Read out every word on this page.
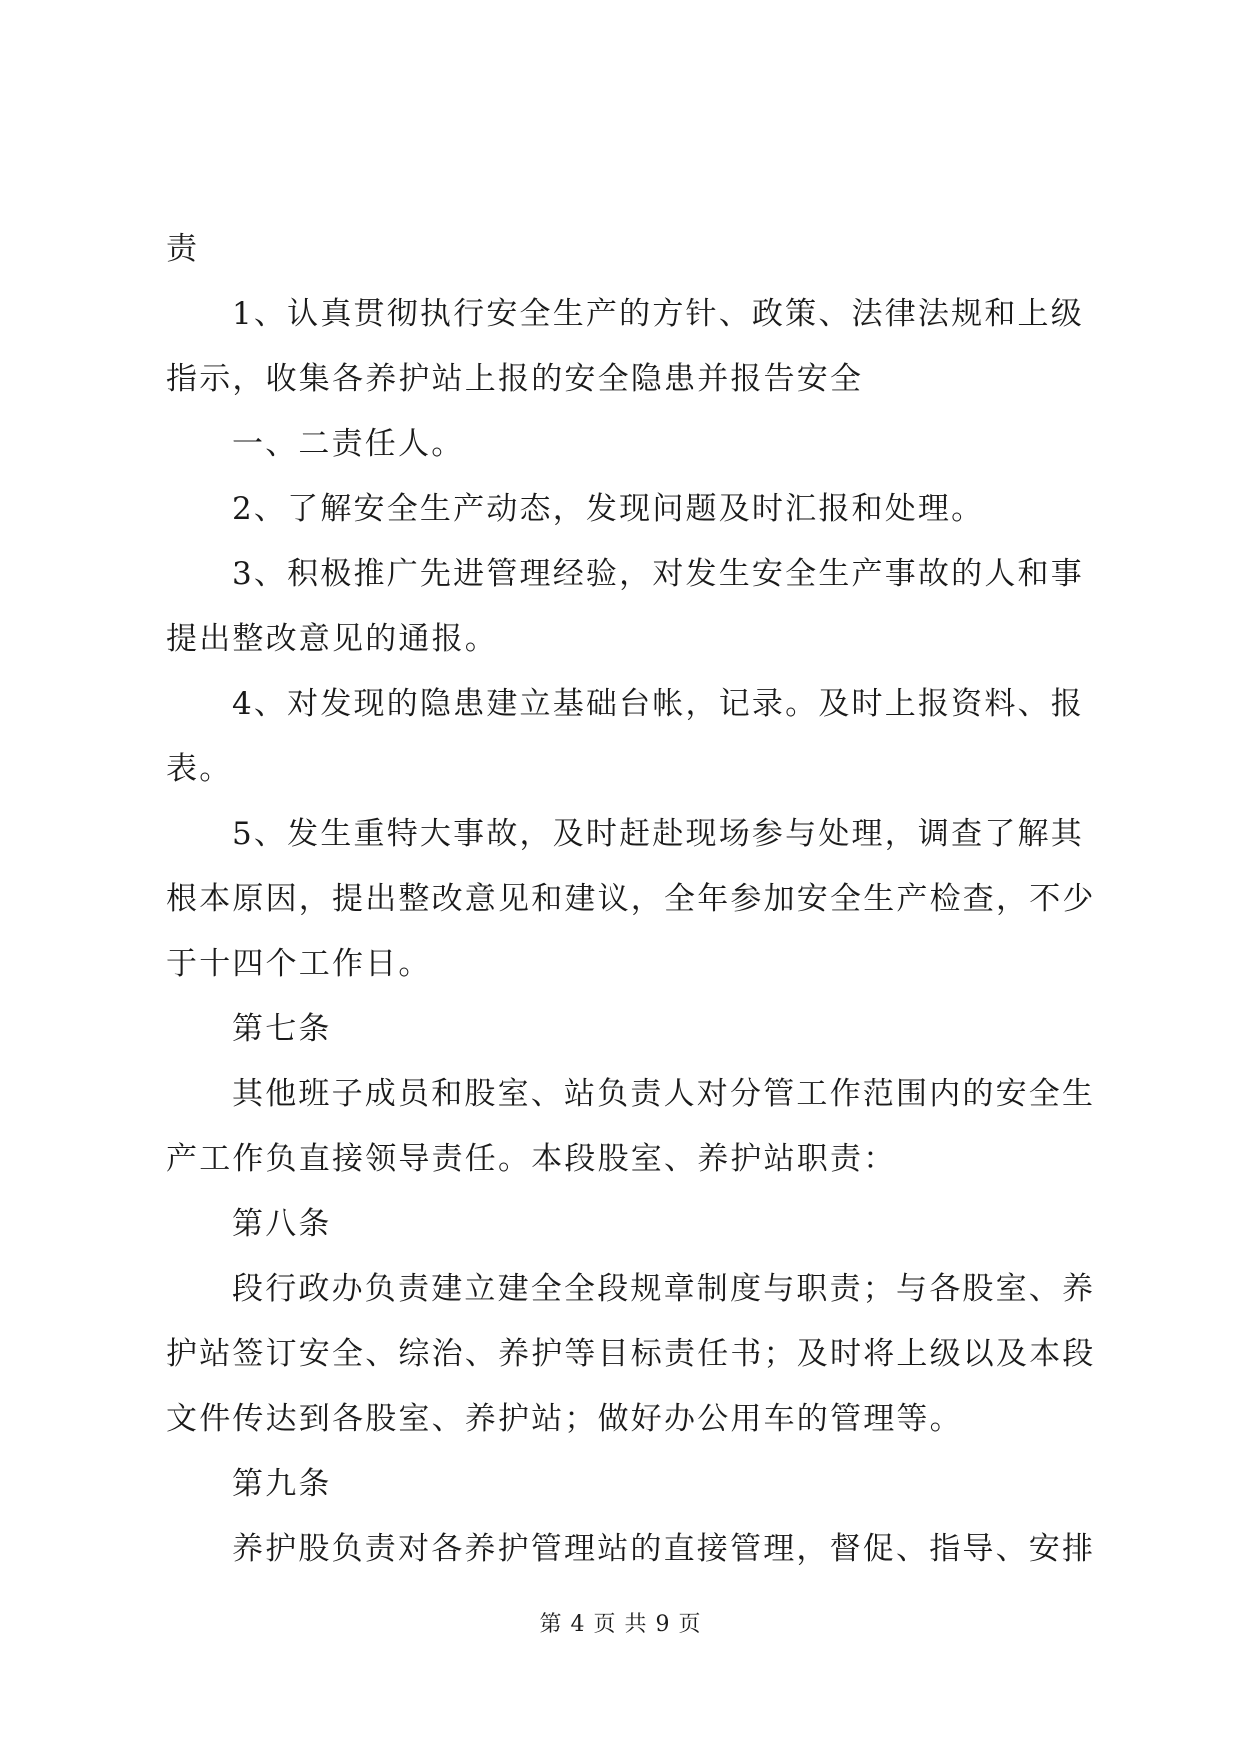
责

1、认真贯彻执行安全生产的方针、政策、法律法规和上级

指示，收集各养护站上报的安全隐患并报告安全

一、二责任人。

2、了解安全生产动态，发现问题及时汇报和处理。

3、积极推广先进管理经验，对发生安全生产事故的人和事

提出整改意见的通报。

4、对发现的隐患建立基础台帐，记录。及时上报资料、报

表。

5、发生重特大事故，及时赶赴现场参与处理，调查了解其

根本原因，提出整改意见和建议，全年参加安全生产检查，不少

于十四个工作日。

第七条

其他班子成员和股室、站负责人对分管工作范围内的安全生

产工作负直接领导责任。本段股室、养护站职责：

第八条

段行政办负责建立建全全段规章制度与职责；与各股室、养

护站签订安全、综治、养护等目标责任书；及时将上级以及本段

文件传达到各股室、养护站；做好办公用车的管理等。

第九条

养护股负责对各养护管理站的直接管理，督促、指导、安排

第 4 页 共 9 页
